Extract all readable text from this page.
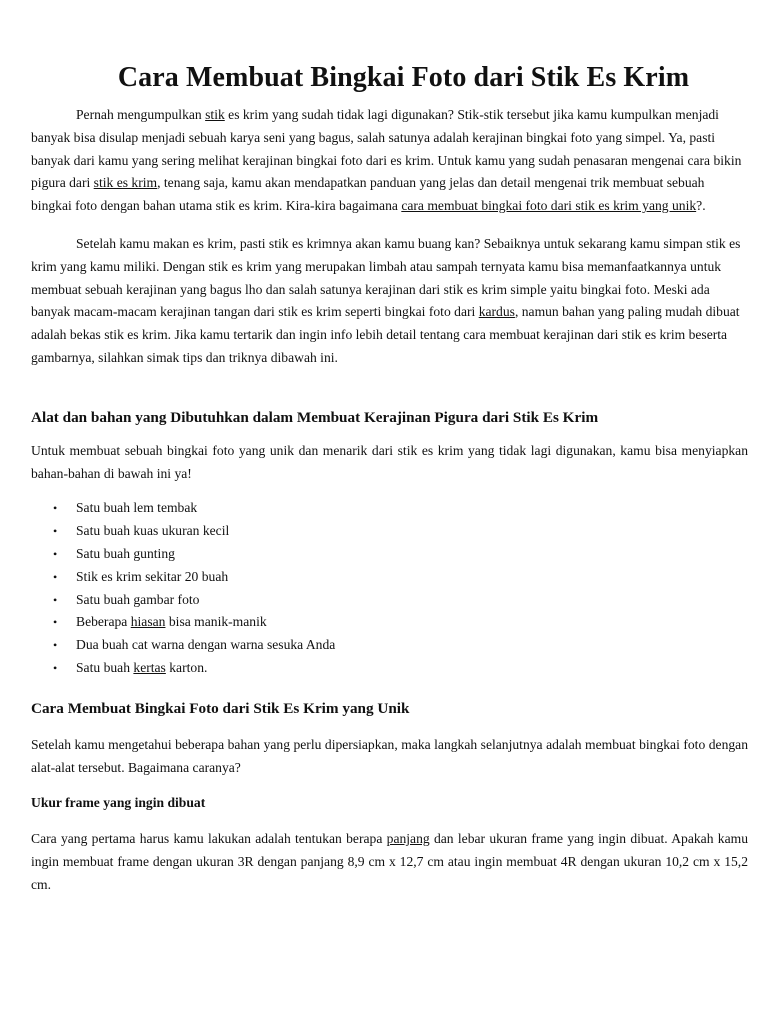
Cara Membuat Bingkai Foto dari Stik Es Krim

Pernah mengumpulkan stik es krim yang sudah tidak lagi digunakan? Stik-stik tersebut jika kamu kumpulkan menjadi banyak bisa disulap menjadi sebuah karya seni yang bagus, salah satunya adalah kerajinan bingkai foto yang simpel. Ya, pasti banyak dari kamu yang sering melihat kerajinan bingkai foto dari es krim. Untuk kamu yang sudah penasaran mengenai cara bikin pigura dari stik es krim, tenang saja, kamu akan mendapatkan panduan yang jelas dan detail mengenai trik membuat sebuah bingkai foto dengan bahan utama stik es krim. Kira-kira bagaimana cara membuat bingkai foto dari stik es krim yang unik?.

Setelah kamu makan es krim, pasti stik es krimnya akan kamu buang kan? Sebaiknya untuk sekarang kamu simpan stik es krim yang kamu miliki. Dengan stik es krim yang merupakan limbah atau sampah ternyata kamu bisa memanfaatkannya untuk membuat sebuah kerajinan yang bagus lho dan salah satunya kerajinan dari stik es krim simple yaitu bingkai foto. Meski ada banyak macam-macam kerajinan tangan dari stik es krim seperti bingkai foto dari kardus, namun bahan yang paling mudah dibuat adalah bekas stik es krim. Jika kamu tertarik dan ingin info lebih detail tentang cara membuat kerajinan dari stik es krim beserta gambarnya, silahkan simak tips dan triknya dibawah ini.

Alat dan bahan yang Dibutuhkan dalam Membuat Kerajinan Pigura dari Stik Es Krim

Untuk membuat sebuah bingkai foto yang unik dan menarik dari stik es krim yang tidak lagi digunakan, kamu bisa menyiapkan bahan-bahan di bawah ini ya!

• Satu buah lem tembak
• Satu buah kuas ukuran kecil
• Satu buah gunting
• Stik es krim sekitar 20 buah
• Satu buah gambar foto
• Beberapa hiasan bisa manik-manik
• Dua buah cat warna dengan warna sesuka Anda
• Satu buah kertas karton.
Cara Membuat Bingkai Foto dari Stik Es Krim yang Unik

Setelah kamu mengetahui beberapa bahan yang perlu dipersiapkan, maka langkah selanjutnya adalah membuat bingkai foto dengan alat-alat tersebut. Bagaimana caranya?

Ukur frame yang ingin dibuat

Cara yang pertama harus kamu lakukan adalah tentukan berapa panjang dan lebar ukuran frame yang ingin dibuat. Apakah kamu ingin membuat frame dengan ukuran 3R dengan panjang 8,9 cm x 12,7 cm atau ingin membuat 4R dengan ukuran 10,2 cm x 15,2 cm.
